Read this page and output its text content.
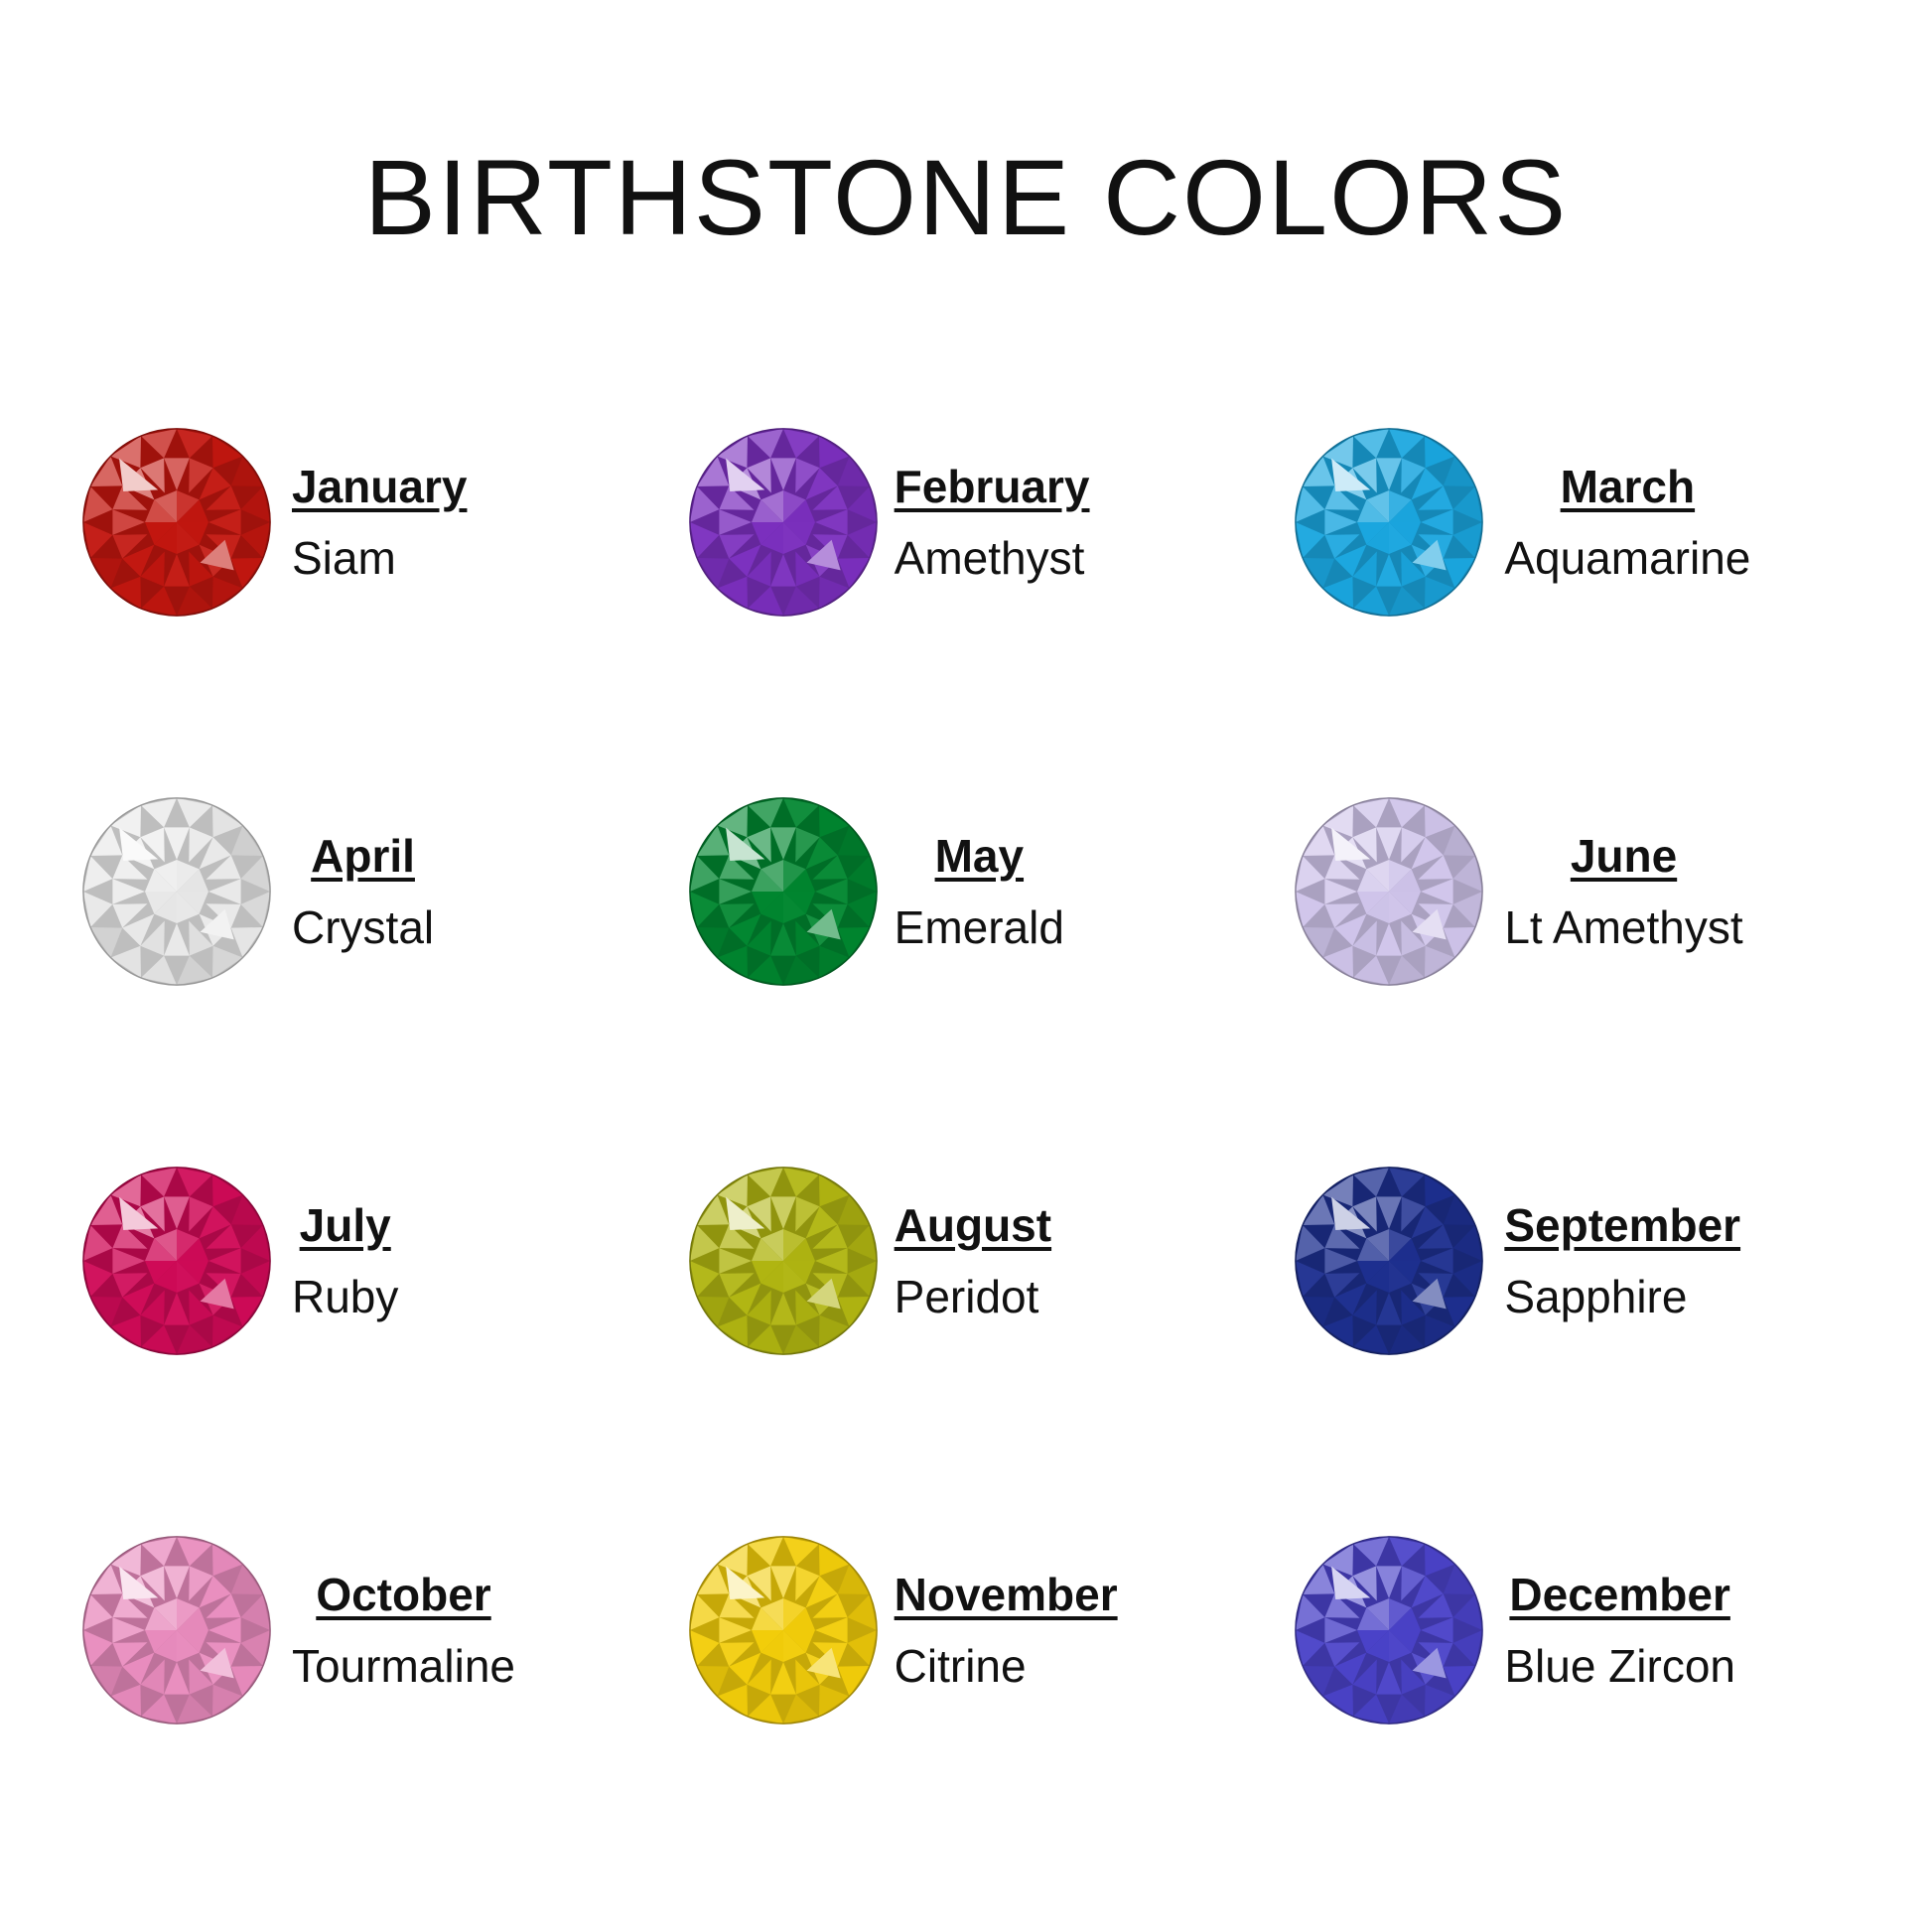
BIRTHSTONE COLORS
January
Siam
February
Amethyst
March
Aquamarine
April
Crystal
May
Emerald
June
Lt Amethyst
July
Ruby
August
Peridot
September
Sapphire
October
Tourmaline
November
Citrine
December
Blue Zircon
